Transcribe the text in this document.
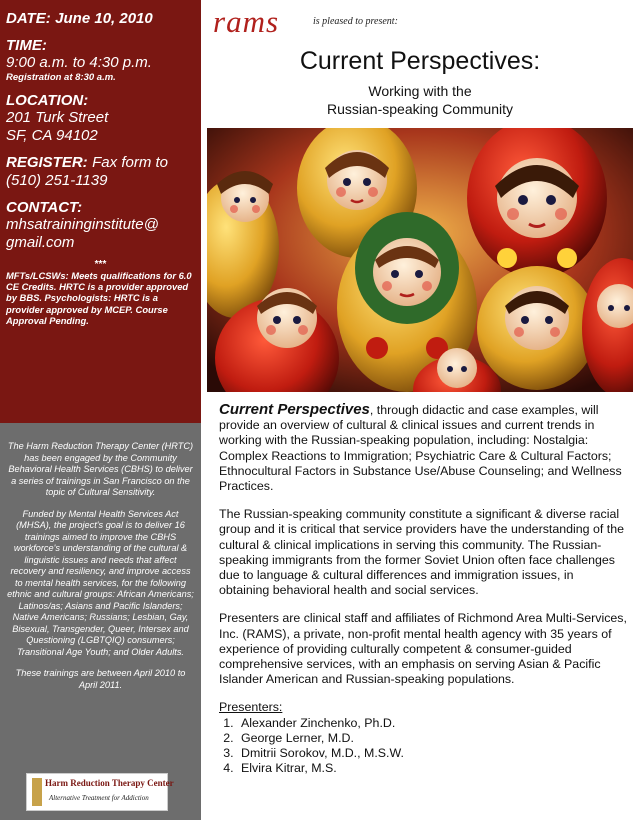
DATE: June 10, 2010
TIME:
9:00 a.m. to 4:30 p.m.
Registration at 8:30 a.m.
LOCATION:
201 Turk Street
SF, CA 94102
REGISTER: Fax form to
(510) 251-1139
CONTACT:
mhsatraininginstitute@
gmail.com
***
MFTs/LCSWs: Meets qualifications for 6.0 CE Credits. HRTC is a provider approved by BBS. Psychologists: HRTC is a provider approved by MCEP. Course Approval Pending.

The Harm Reduction Therapy Center (HRTC) has been engaged by the Community Behavioral Health Services (CBHS) to deliver a series of trainings in San Francisco on the topic of Cultural Sensitivity.

Funded by Mental Health Services Act (MHSA), the project's goal is to deliver 16 trainings aimed to improve the CBHS workforce's understanding of the cultural & linguistic issues and needs that affect recovery and resiliency, and improve access to mental health services, for the following ethnic and cultural groups: African Americans; Latinos/as; Asians and Pacific Islanders; Native Americans; Russians; Lesbian, Gay, Bisexual, Transgender, Queer, Intersex and Questioning (LGBTQIQ) consumers; Transitional Age Youth; and Older Adults.

These trainings are between April 2010 to April 2011.

Harm Reduction Therapy Center
Alternative Treatment for Addiction
rams	is pleased to present:
Current Perspectives:
Working with the
Russian-speaking Community

Current Perspectives, through didactic and case examples, will provide an overview of cultural & clinical issues and current trends in working with the Russian-speaking population, including: Nostalgia: Complex Reactions to Immigration; Psychiatric Care & Cultural Factors; Ethnocultural Factors in Substance Use/Abuse Counseling; and Wellness Practices.

The Russian-speaking community constitute a significant & diverse racial group and it is critical that service providers have the understanding of the cultural & clinical implications in serving this community. The Russian-speaking immigrants from the former Soviet Union often face challenges due to language & cultural differences and immigration issues, in obtaining behavioral health and social services.

Presenters are clinical staff and affiliates of Richmond Area Multi-Services, Inc. (RAMS), a private, non-profit mental health agency with 35 years of experience of providing culturally competent & consumer-guided comprehensive services, with an emphasis on serving Asian & Pacific Islander American and Russian-speaking populations.

Presenters:
1. Alexander Zinchenko, Ph.D.
2. George Lerner, M.D.
3. Dmitrii Sorokov, M.D., M.S.W.
4. Elvira Kitrar, M.S.
